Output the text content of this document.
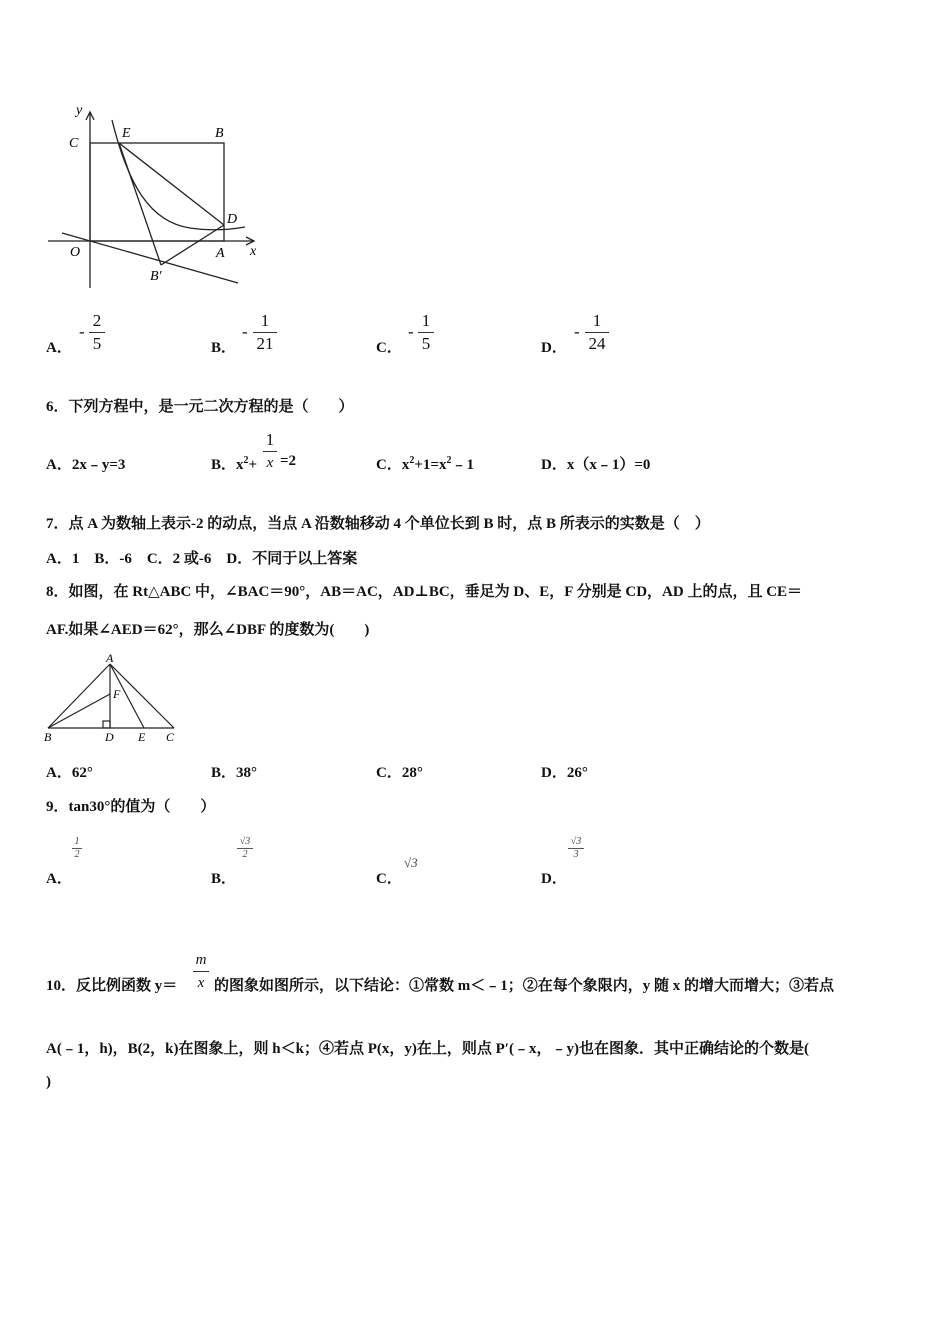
y
x
C
E	B
D
O	A
B′
A．
-
2
5	B．
-
1
21	C．
-
1
5	D．
-
1
24
6．下列方程中，是一元二次方程的是（　　）
A．2x﹣y=3	B．$x^2+$
1
x =2	C．$x^2+1=x^2﹣1$	D．x（x﹣1）=0
7．点 A 为数轴上表示-2 的动点，当点 A 沿数轴移动 4 个单位长到 B 时，点 B 所表示的实数是（　）
A．1　B．-6　C．2 或-6　D．不同于以上答案
8．如图，在 Rt△ABC 中，∠BAC＝90°，AB＝AC，AD⊥BC，垂足为 D、E，F 分别是 CD，AD 上的点，且 CE＝
AF.如果∠AED＝62°，那么∠DBF 的度数为(　　)
A
F
B	D E C
A．62°	B．38°	C．28°	D．26°
9．tan30°的值为（　　）
A．
1
2
B．
√3
2
C．
√3
D．
√3
3
10．反比例函数 y＝
m
x 的图象如图所示，以下结论：①常数 m＜﹣1；②在每个象限内，y 随 x 的增大而增大；③若点
A(﹣1，h)，B(2，k)在图象上，则 h＜k；④若点 P(x，y)在上，则点 P′(﹣x，﹣y)也在图象．其中正确结论的个数是(
)
